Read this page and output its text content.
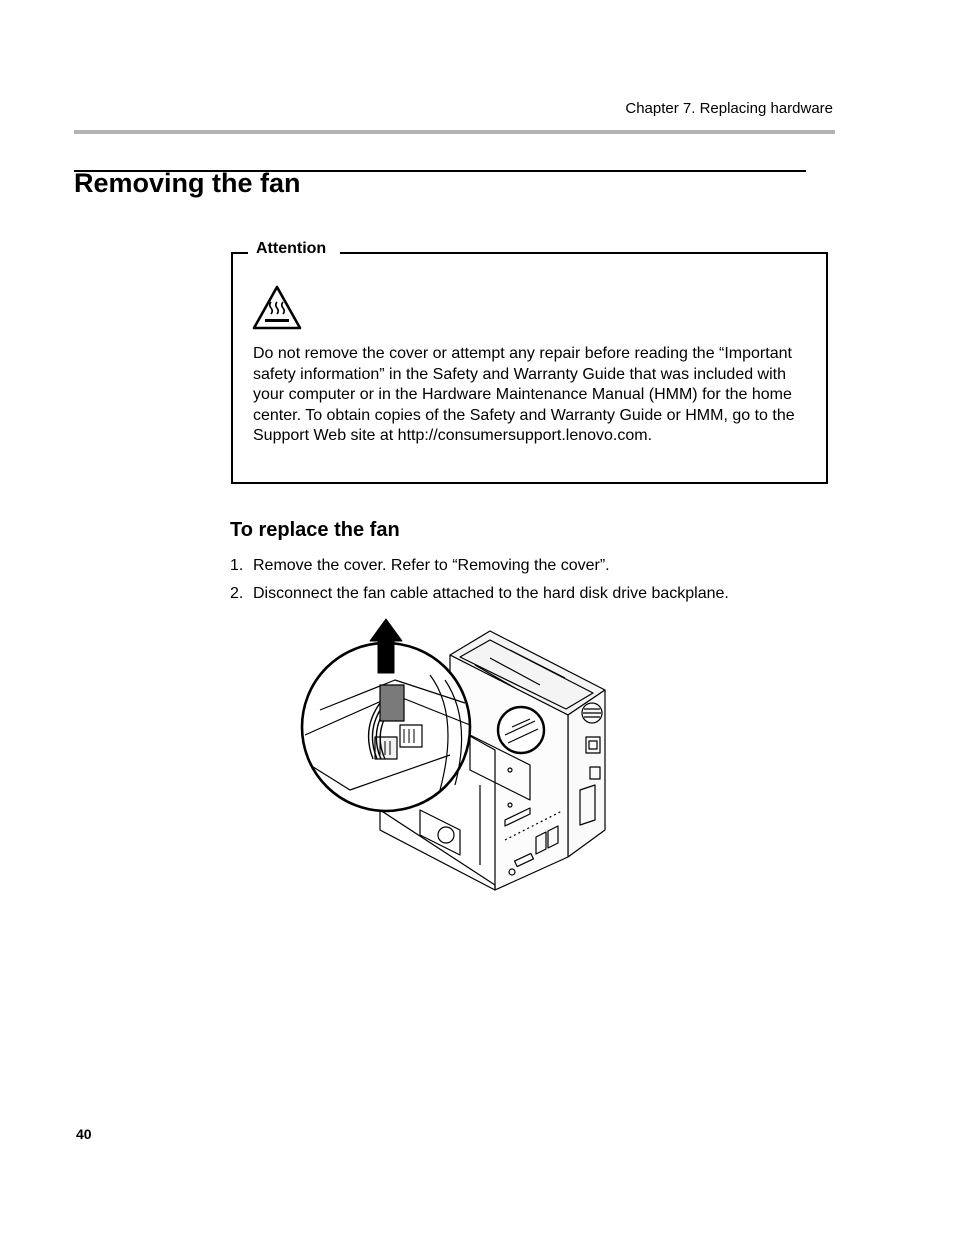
Chapter 7. Replacing hardware
Removing the fan
Attention
Do not remove the cover or attempt any repair before reading the “Important safety information” in the Safety and Warranty Guide that was included with your computer or in the Hardware Maintenance Manual (HMM) for the home center. To obtain copies of the Safety and Warranty Guide or HMM, go to the Support Web site at http://consumersupport.lenovo.com.
To replace the fan
1. Remove the cover. Refer to “Removing the cover”.
2. Disconnect the fan cable attached to the hard disk drive backplane.
40
